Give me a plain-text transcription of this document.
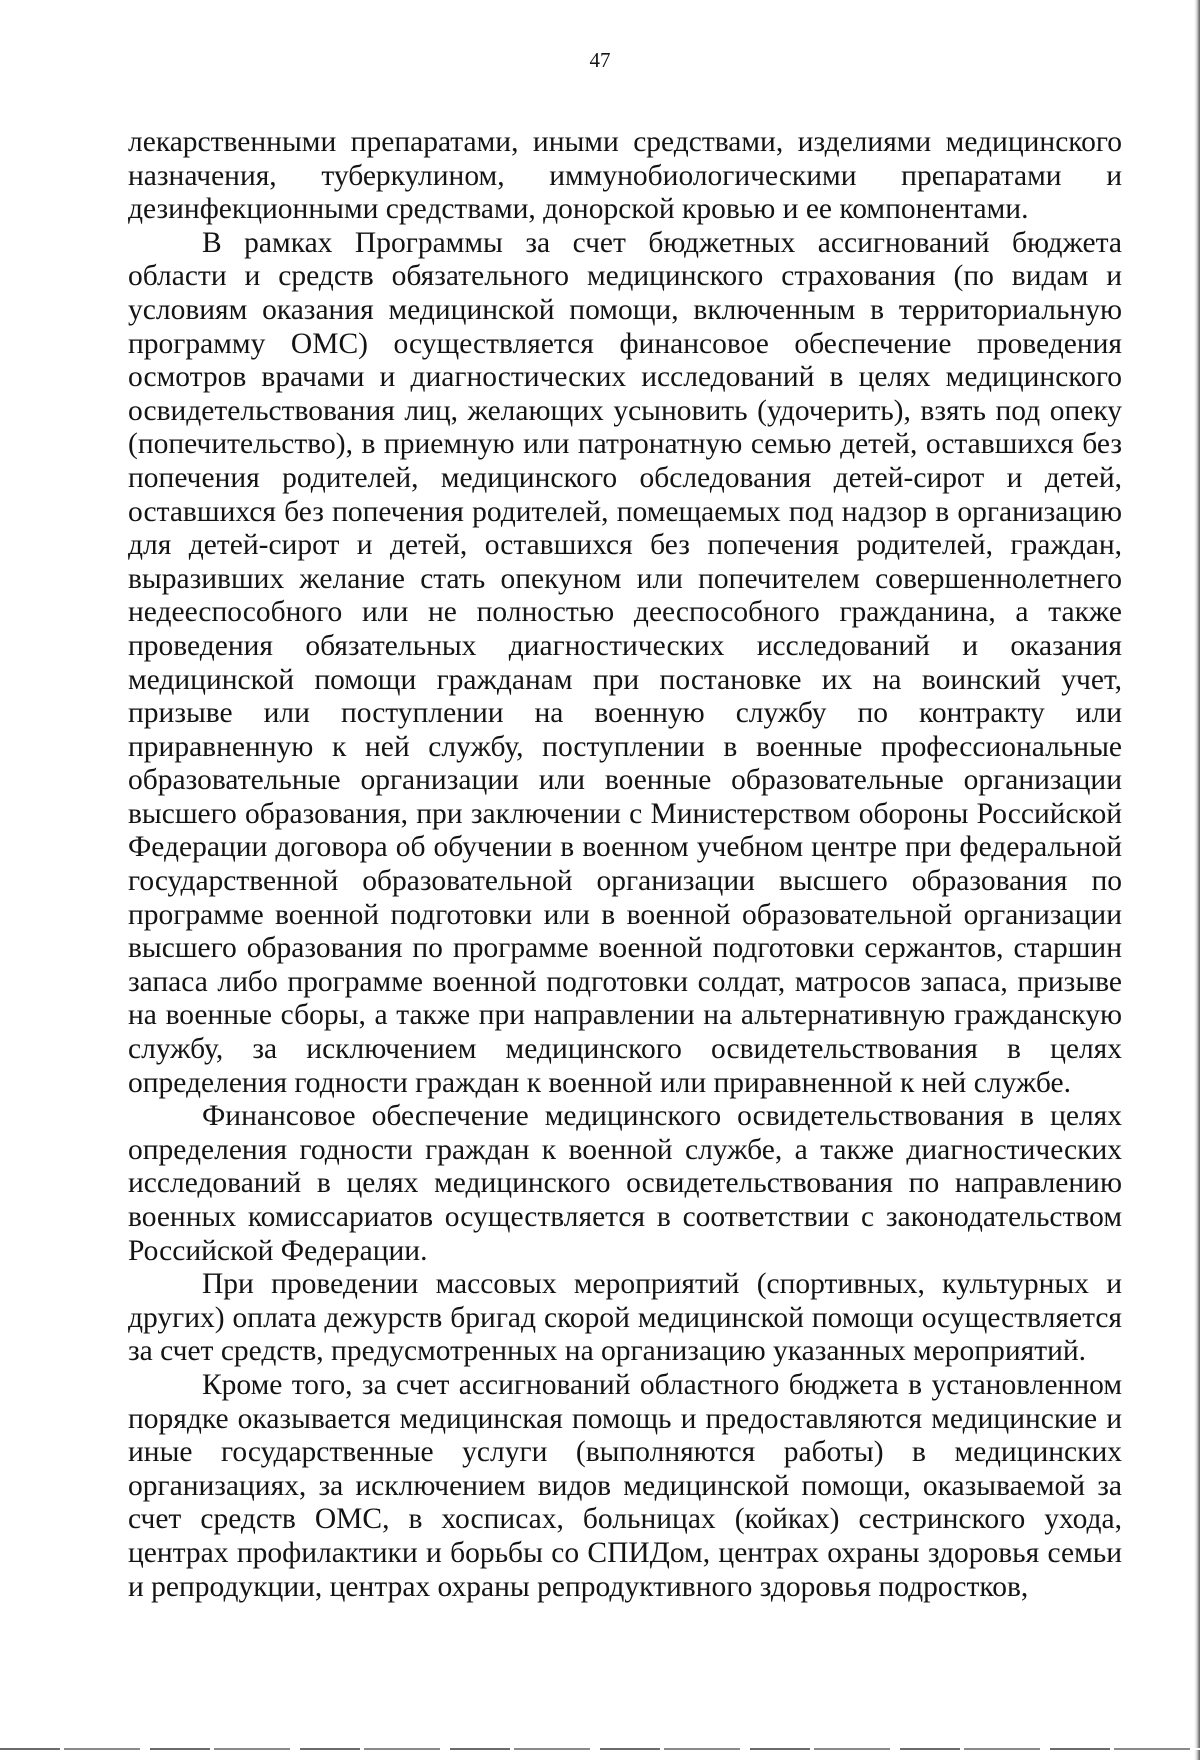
47

лекарственными препаратами, иными средствами, изделиями медицинского назначения, туберкулином, иммунобиологическими препаратами и дезинфекционными средствами, донорской кровью и ее компонентами.

В рамках Программы за счет бюджетных ассигнований бюджета области и средств обязательного медицинского страхования (по видам и условиям оказания медицинской помощи, включенным в территориальную программу ОМС) осуществляется финансовое обеспечение проведения осмотров врачами и диагностических исследований в целях медицинского освидетельствования лиц, желающих усыновить (удочерить), взять под опеку (попечительство), в приемную или патронатную семью детей, оставшихся без попечения родителей, медицинского обследования детей-сирот и детей, оставшихся без попечения родителей, помещаемых под надзор в организацию для детей-сирот и детей, оставшихся без попечения родителей, граждан, выразивших желание стать опекуном или попечителем совершеннолетнего недееспособного или не полностью дееспособного гражданина, а также проведения обязательных диагностических исследований и оказания медицинской помощи гражданам при постановке их на воинский учет, призыве или поступлении на военную службу по контракту или приравненную к ней службу, поступлении в военные профессиональные образовательные организации или военные образовательные организации высшего образования, при заключении с Министерством обороны Российской Федерации договора об обучении в военном учебном центре при федеральной государственной образовательной организации высшего образования по программе военной подготовки или в военной образовательной организации высшего образования по программе военной подготовки сержантов, старшин запаса либо программе военной подготовки солдат, матросов запаса, призыве на военные сборы, а также при направлении на альтернативную гражданскую службу, за исключением медицинского освидетельствования в целях определения годности граждан к военной или приравненной к ней службе.

Финансовое обеспечение медицинского освидетельствования в целях определения годности граждан к военной службе, а также диагностических исследований в целях медицинского освидетельствования по направлению военных комиссариатов осуществляется в соответствии с законодательством Российской Федерации.

При проведении массовых мероприятий (спортивных, культурных и других) оплата дежурств бригад скорой медицинской помощи осуществляется за счет средств, предусмотренных на организацию указанных мероприятий.

Кроме того, за счет ассигнований областного бюджета в установленном порядке оказывается медицинская помощь и предоставляются медицинские и иные государственные услуги (выполняются работы) в медицинских организациях, за исключением видов медицинской помощи, оказываемой за счет средств ОМС, в хосписах, больницах (койках) сестринского ухода, центрах профилактики и борьбы со СПИДом, центрах охраны здоровья семьи и репродукции, центрах охраны репродуктивного здоровья подростков,
